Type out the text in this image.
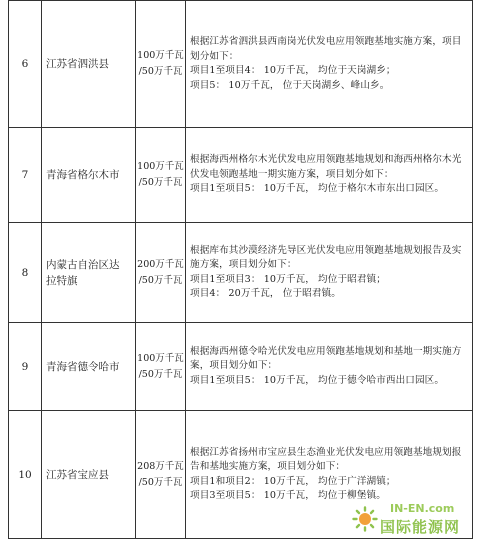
6	江苏省泗洪县
100万千瓦
/50万千瓦
根据江苏省泗洪县西南岗光伏发电应用领跑基地实施方案，项目
划分如下：
项目1至项目4： 10万千瓦， 均位于天岗湖乡；
项目5： 10万千瓦， 位于天岗湖乡、峰山乡。
7	青海省格尔木市
100万千瓦
/50万千瓦
根据海西州格尔木光伏发电应用领跑基地规划和海西州格尔木光
伏发电领跑基地一期实施方案，项目划分如下：
项目1至项目5： 10万千瓦， 均位于格尔木市东出口园区。
8
内蒙古自治区达
拉特旗
200万千瓦
/50万千瓦
根据库布其沙漠经济先导区光伏发电应用领跑基地规划报告及实
施方案，项目划分如下：
项目1至项目3： 10万千瓦， 均位于昭君镇；
项目4： 20万千瓦， 位于昭君镇。
9	青海省德令哈市
100万千瓦
/50万千瓦
根据海西州德令哈光伏发电应用领跑基地规划和基地一期实施方
案，项目划分如下：
项目1至项目5： 10万千瓦， 均位于德令哈市西出口园区。
10	江苏省宝应县
208万千瓦
/50万千瓦
根据江苏省扬州市宝应县生态渔业光伏发电应用领跑基地规划报
告和基地实施方案，项目划分如下：
项目1和项目2： 10万千瓦， 均位于广洋湖镇；
项目3至项目5： 10万千瓦， 均位于柳堡镇。
IN-EN.com
国际能源网
